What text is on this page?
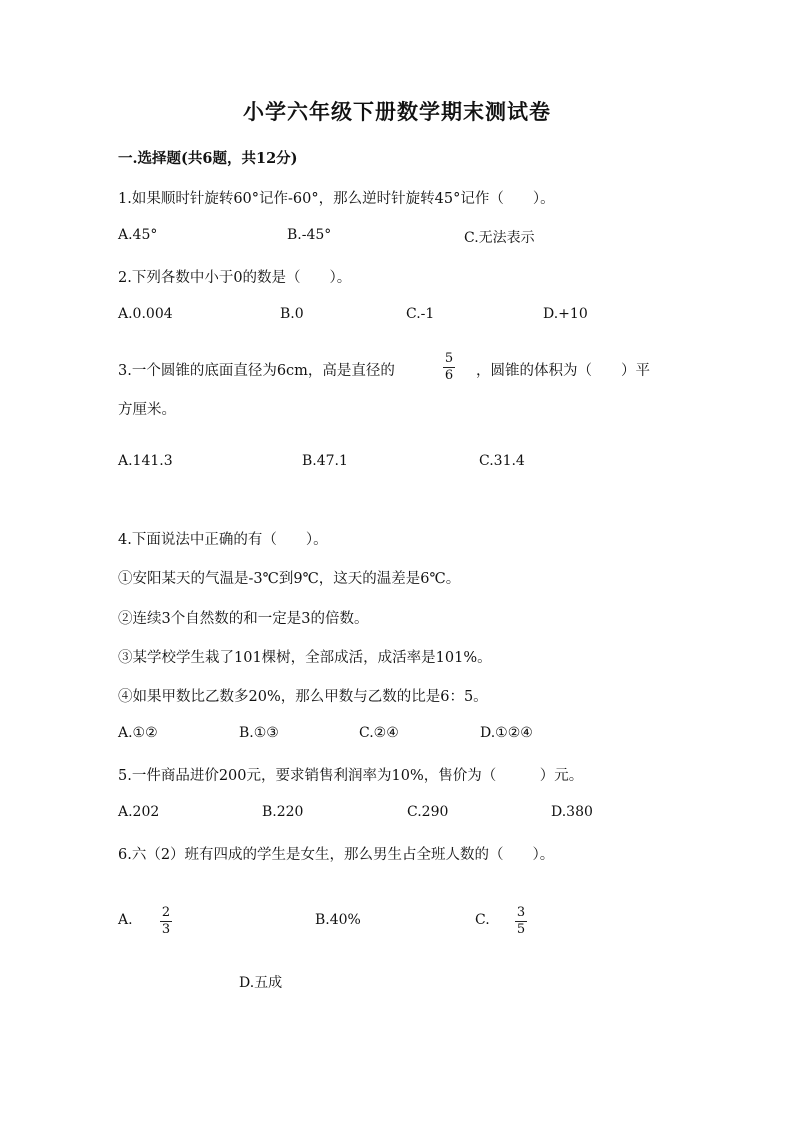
小学六年级下册数学期末测试卷
一.选择题(共6题，共12分)
1.如果顺时针旋转60°记作-60°，那么逆时针旋转45°记作（　　）。
A.45°	B.-45°	C.无法表示
2.下列各数中小于0的数是（　　）。
A.0.004	B.0	C.-1	D.+10
3.一个圆锥的底面直径为6cm，高是直径的
5
6 ，圆锥的体积为（　　）平
方厘米。
A.141.3	B.47.1	C.31.4
4.下面说法中正确的有（　　）。
①安阳某天的气温是-3℃到9℃，这天的温差是6℃。
②连续3个自然数的和一定是3的倍数。
③某学校学生栽了101棵树，全部成活，成活率是101%。
④如果甲数比乙数多20%，那么甲数与乙数的比是6：5。
A.①②	B.①③	C.②④	D.①②④
5.一件商品进价200元，要求销售利润率为10%，售价为（　　　）元。
A.202	B.220	C.290	D.380
6.六（2）班有四成的学生是女生，那么男生占全班人数的（　　）。
A. 2
3
B.40%	C. 3
5
D.五成
